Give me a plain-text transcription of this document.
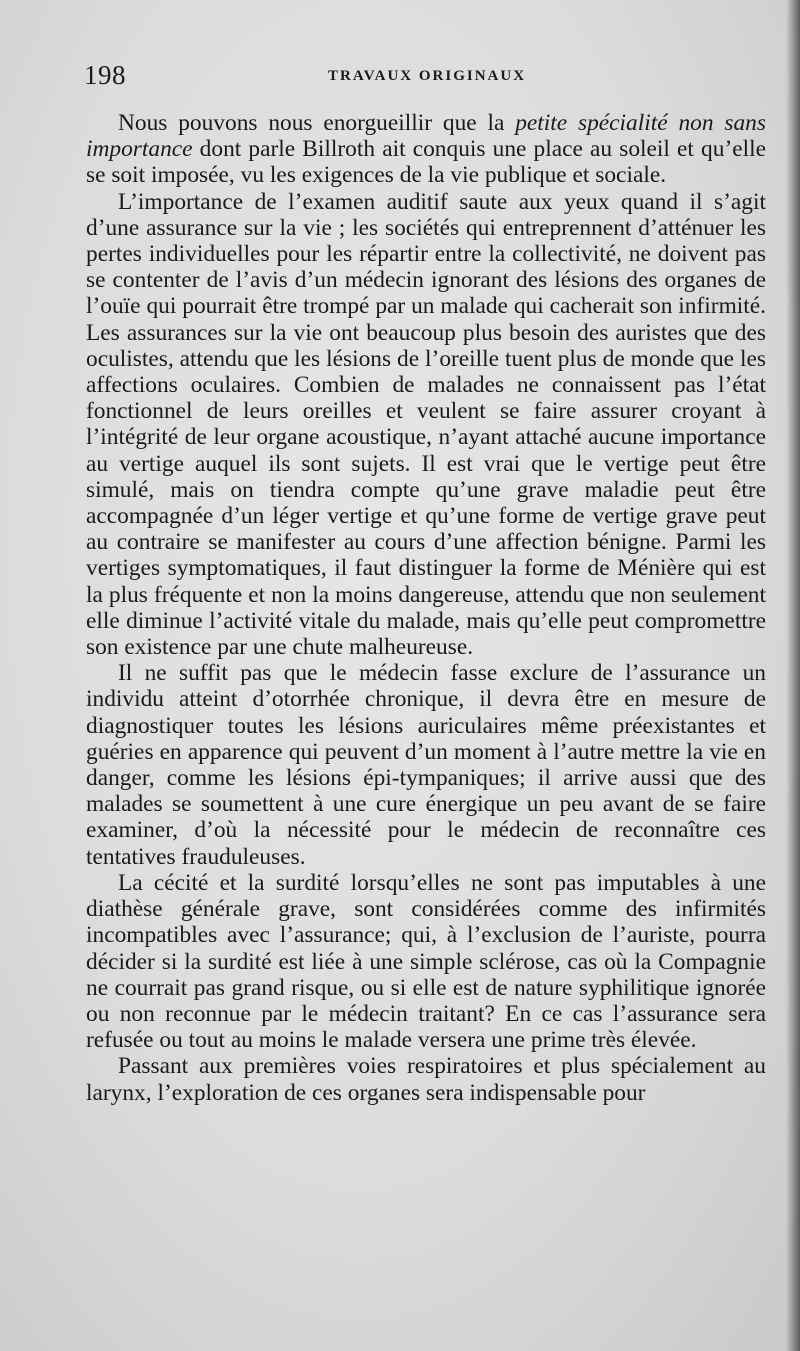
198	TRAVAUX ORIGINAUX

Nous pouvons nous enorgueillir que la petite spécialité non sans importance dont parle Billroth ait conquis une place au soleil et qu’elle se soit imposée, vu les exigences de la vie publique et sociale.

L’importance de l’examen auditif saute aux yeux quand il s’agit d’une assurance sur la vie ; les sociétés qui entreprennent d’atténuer les pertes individuelles pour les répartir entre la collectivité, ne doivent pas se contenter de l’avis d’un médecin ignorant des lésions des organes de l’ouïe qui pourrait être trompé par un malade qui cacherait son infirmité. Les assurances sur la vie ont beaucoup plus besoin des auristes que des oculistes, attendu que les lésions de l’oreille tuent plus de monde que les affections oculaires. Combien de malades ne connaissent pas l’état fonctionnel de leurs oreilles et veulent se faire assurer croyant à l’intégrité de leur organe acoustique, n’ayant attaché aucune importance au vertige auquel ils sont sujets. Il est vrai que le vertige peut être simulé, mais on tiendra compte qu’une grave maladie peut être accompagnée d’un léger vertige et qu’une forme de vertige grave peut au contraire se manifester au cours d’une affection bénigne. Parmi les vertiges symptomatiques, il faut distinguer la forme de Ménière qui est la plus fréquente et non la moins dangereuse, attendu que non seulement elle diminue l’activité vitale du malade, mais qu’elle peut compromettre son existence par une chute malheureuse.

Il ne suffit pas que le médecin fasse exclure de l’assurance un individu atteint d’otorrhée chronique, il devra être en mesure de diagnostiquer toutes les lésions auriculaires même préexistantes et guéries en apparence qui peuvent d’un moment à l’autre mettre la vie en danger, comme les lésions épi-tympaniques; il arrive aussi que des malades se soumettent à une cure énergique un peu avant de se faire examiner, d’où la nécessité pour le médecin de reconnaître ces tentatives frauduleuses.

La cécité et la surdité lorsqu’elles ne sont pas imputables à une diathèse générale grave, sont considérées comme des infirmités incompatibles avec l’assurance; qui, à l’exclusion de l’auriste, pourra décider si la surdité est liée à une simple sclérose, cas où la Compagnie ne courrait pas grand risque, ou si elle est de nature syphilitique ignorée ou non reconnue par le médecin traitant? En ce cas l’assurance sera refusée ou tout au moins le malade versera une prime très élevée.

Passant aux premières voies respiratoires et plus spécialement au larynx, l’exploration de ces organes sera indispensable pour
